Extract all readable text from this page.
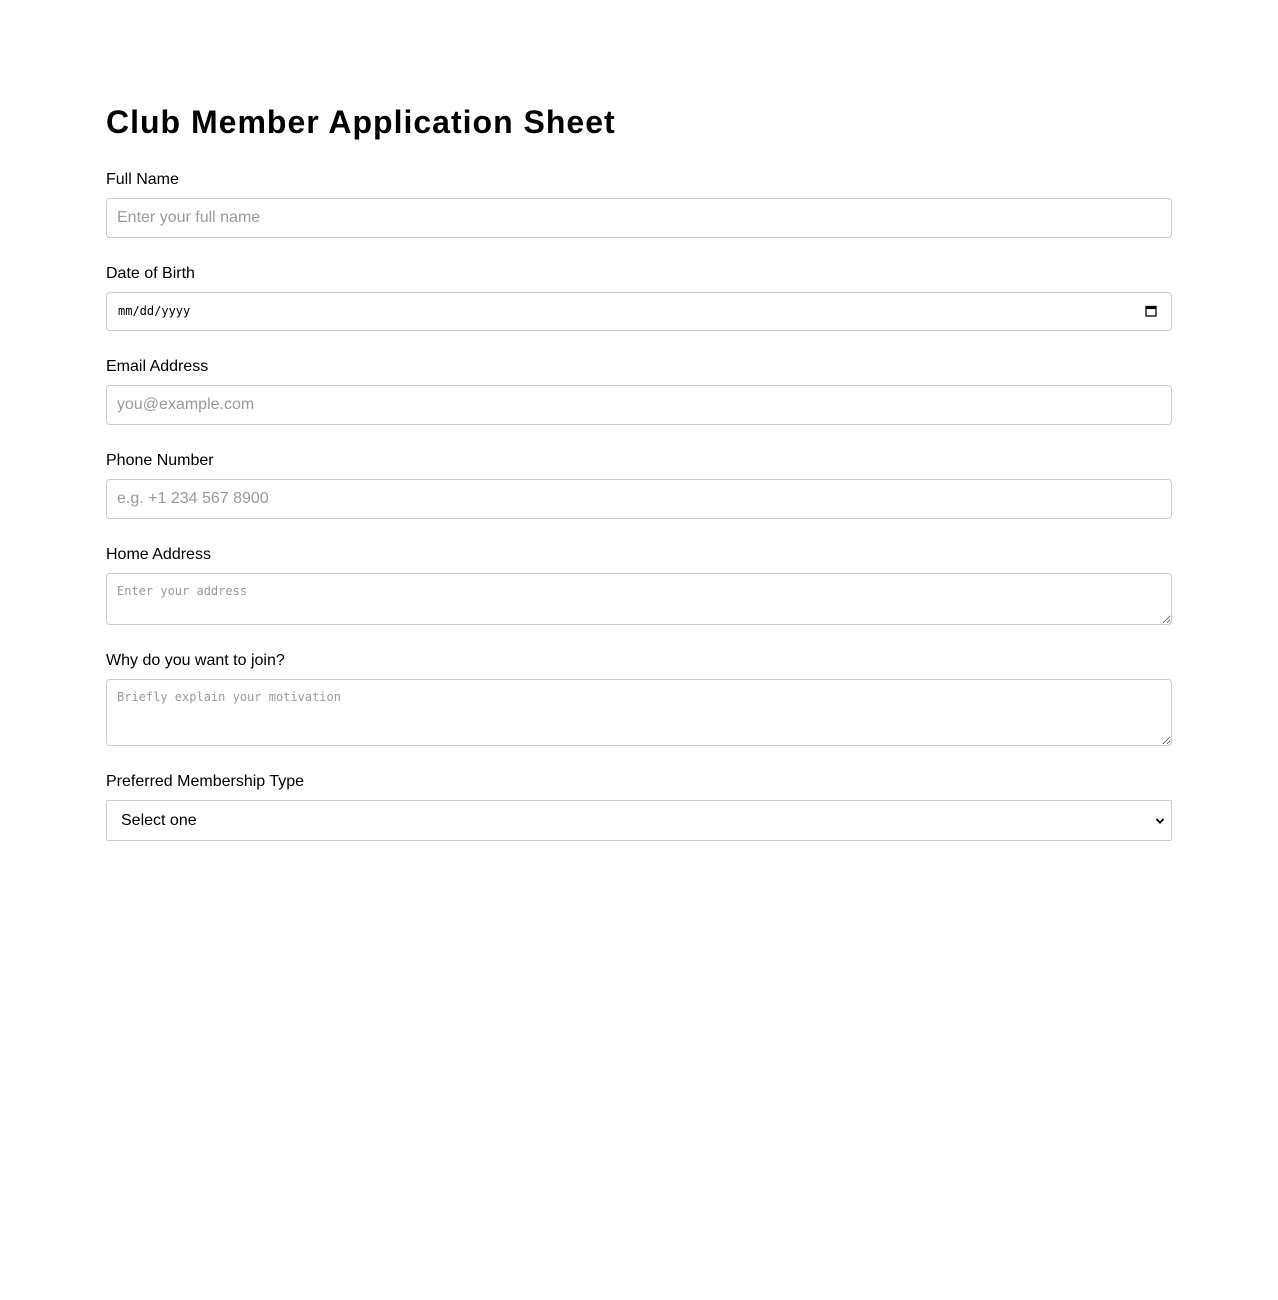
Club Member Application Sheet
Full Name
Enter your full name
Date of Birth
mm/dd/yyyy
Email Address
you@example.com
Phone Number
e.g. +1 234 567 8900
Home Address
Enter your address
Why do you want to join?
Briefly explain your motivation
Preferred Membership Type
Select one
